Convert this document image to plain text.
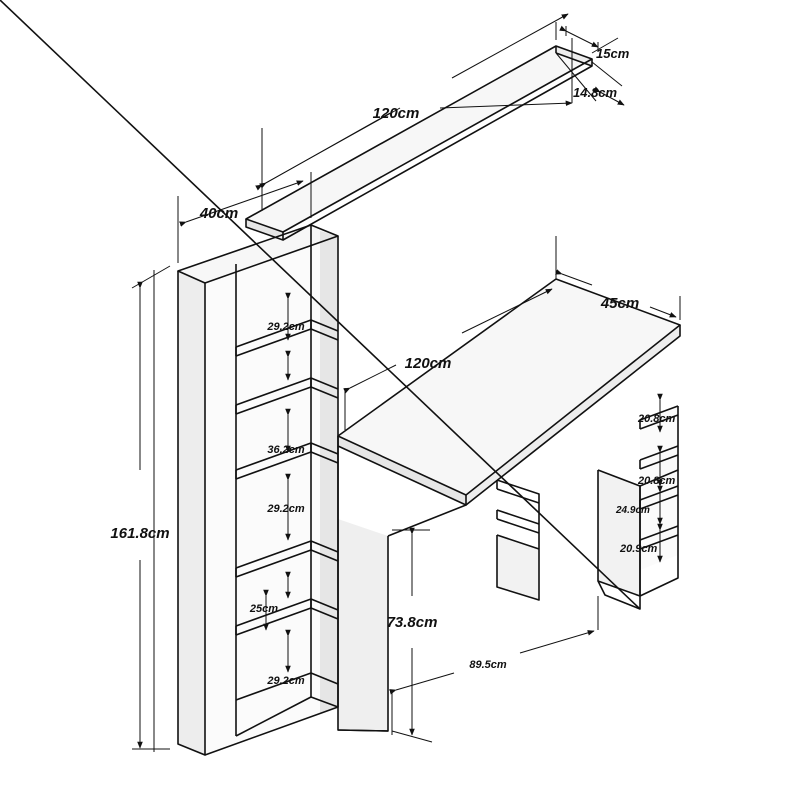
120cm
15cm
14.8cm
40cm
120cm
45cm
161.8cm
73.8cm
89.5cm
29.2cm
36.2cm
29.2cm
25cm
29.2cm
20.8cm
20.8cm
24.9cm
20.9cm
